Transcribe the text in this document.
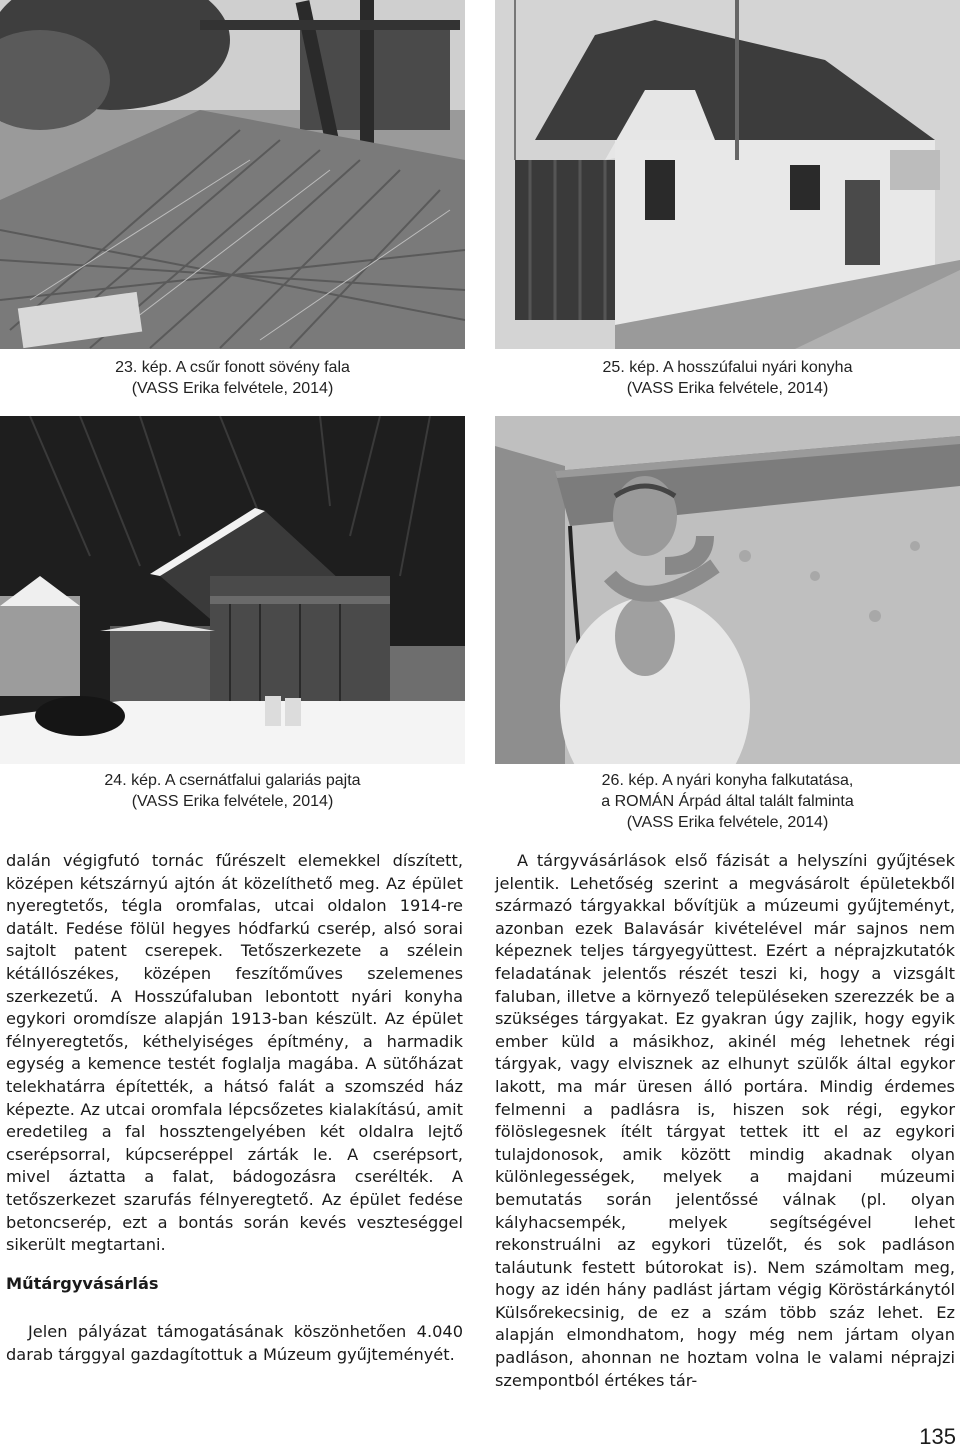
23. kép. A csűr fonott sövény fala
(VASS Erika felvétele, 2014)
25. kép. A hosszúfalui nyári konyha
(VASS Erika felvétele, 2014)
24. kép. A csernátfalui galariás pajta
(VASS Erika felvétele, 2014)
26. kép. A nyári konyha falkutatása,
a ROMÁN Árpád által talált falminta
(VASS Erika felvétele, 2014)

dalán végigfutó tornác fűrészelt elemekkel díszített, középen kétszárnyú ajtón át közelíthető meg. Az épület nyeregtetős, tégla oromfalas, utcai oldalon 1914-re datált. Fedése fölül hegyes hódfarkú cserép, alsó sorai sajtolt patent cserepek. Tetőszerkezete a szélein kétállószékes, középen feszítőműves szelemenes szerkezetű. A Hosszúfaluban lebontott nyári konyha egykori oromdísze alapján 1913-ban készült. Az épület félnyeregtetős, kéthelyiséges építmény, a harmadik egység a kemence testét foglalja magába. A sütőházat telekhatárra építették, a hátsó falát a szomszéd ház képezte. Az utcai oromfala lépcsőzetes kialakítású, amit eredetileg a fal hossztengelyében két oldalra lejtő cserépsorral, kúpcseréppel zárták le. A cserépsort, mivel áztatta a falat, bádogozásra cserélték. A tetőszerkezet szarufás félnyeregtető. Az épület fedése betoncserép, ezt a bontás során kevés veszteséggel sikerült megtartani.

Műtárgyvásárlás

Jelen pályázat támogatásának köszönhetően 4.040 darab tárggyal gazdagítottuk a Múzeum gyűjteményét.

A tárgyvásárlások első fázisát a helyszíni gyűjtések jelentik. Lehetőség szerint a megvásárolt épületekből származó tárgyakkal bővítjük a múzeumi gyűjteményt, azonban ezek Balavásár kivételével már sajnos nem képeznek teljes tárgyegyüttest. Ezért a néprajzkutatók feladatának jelentős részét teszi ki, hogy a vizsgált faluban, illetve a környező településeken szerezzék be a szükséges tárgyakat. Ez gyakran úgy zajlik, hogy egyik ember küld a másikhoz, akinél még lehetnek régi tárgyak, vagy elvisznek az elhunyt szülők által egykor lakott, ma már üresen álló portára. Mindig érdemes felmenni a padlásra is, hiszen sok régi, egykor fölöslegesnek ítélt tárgyat tettek itt el az egykori tulajdonosok, amik között mindig akadnak olyan különlegességek, melyek a majdani múzeumi bemutatás során jelentőssé válnak (pl. olyan kályhacsempék, melyek segítségével lehet rekonstruálni az egykori tüzelőt, és sok padláson taláutunk festett bútorokat is). Nem számoltam meg, hogy az idén hány padlást jártam végig Köröstárkánytól Külsőrekecsinig, de ez a szám több száz lehet. Ez alapján elmondhatom, hogy még nem jártam olyan padláson, ahonnan ne hoztam volna le valami néprajzi szempontból értékes tár-

135
